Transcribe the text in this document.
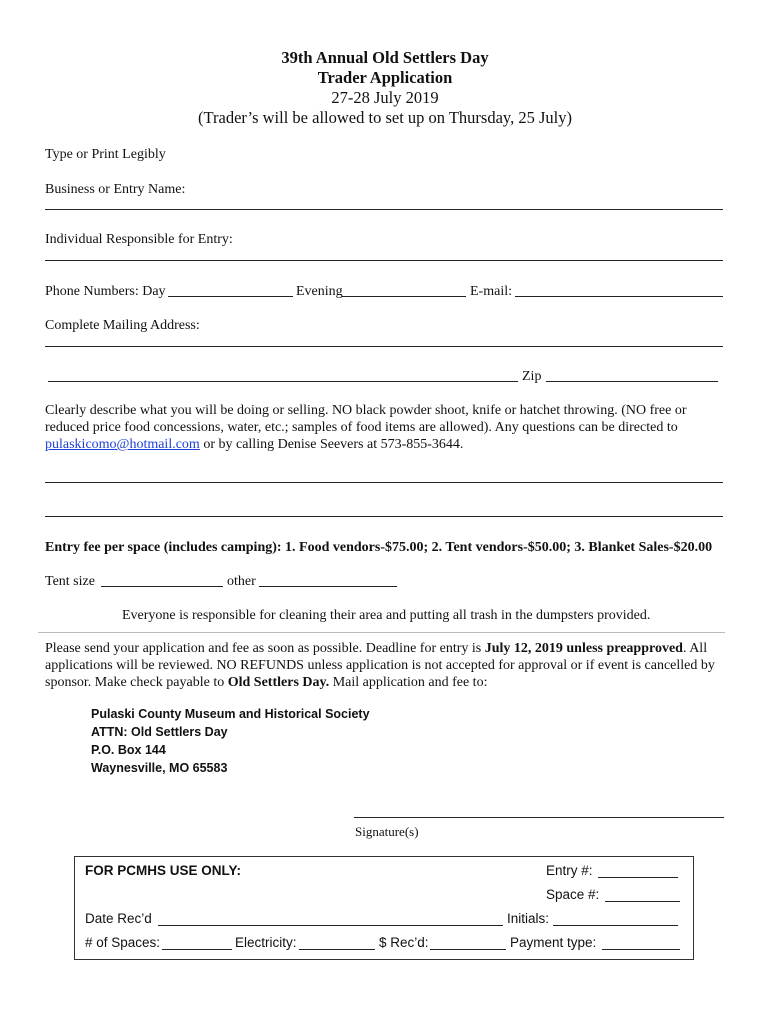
39th Annual Old Settlers Day
Trader Application
27-28 July 2019
(Trader’s will be allowed to set up on Thursday, 25 July)
Type or Print Legibly
Business or Entry Name:
Individual Responsible for Entry:
Phone Numbers: Day	Evening	E-mail:
Complete Mailing Address:
Zip
Clearly describe what you will be doing or selling. NO black powder shoot, knife or hatchet throwing. (NO free or reduced price food concessions, water, etc.; samples of food items are allowed). Any questions can be directed to pulaskicomo@hotmail.com or by calling Denise Seevers at 573-855-3644.
Entry fee per space (includes camping): 1. Food vendors-$75.00; 2. Tent vendors-$50.00; 3. Blanket Sales-$20.00
Tent size	other
Everyone is responsible for cleaning their area and putting all trash in the dumpsters provided.
Please send your application and fee as soon as possible. Deadline for entry is July 12, 2019 unless preapproved. All applications will be reviewed. NO REFUNDS unless application is not accepted for approval or if event is cancelled by sponsor. Make check payable to Old Settlers Day. Mail application and fee to:
Pulaski County Museum and Historical Society
ATTN: Old Settlers Day
P.O. Box 144
Waynesville, MO 65583
Signature(s)
FOR PCMHS USE ONLY:	Entry #:
Space #:
Date Rec’d	Initials:
# of Spaces:	Electricity:	$ Rec’d:	Payment type:
